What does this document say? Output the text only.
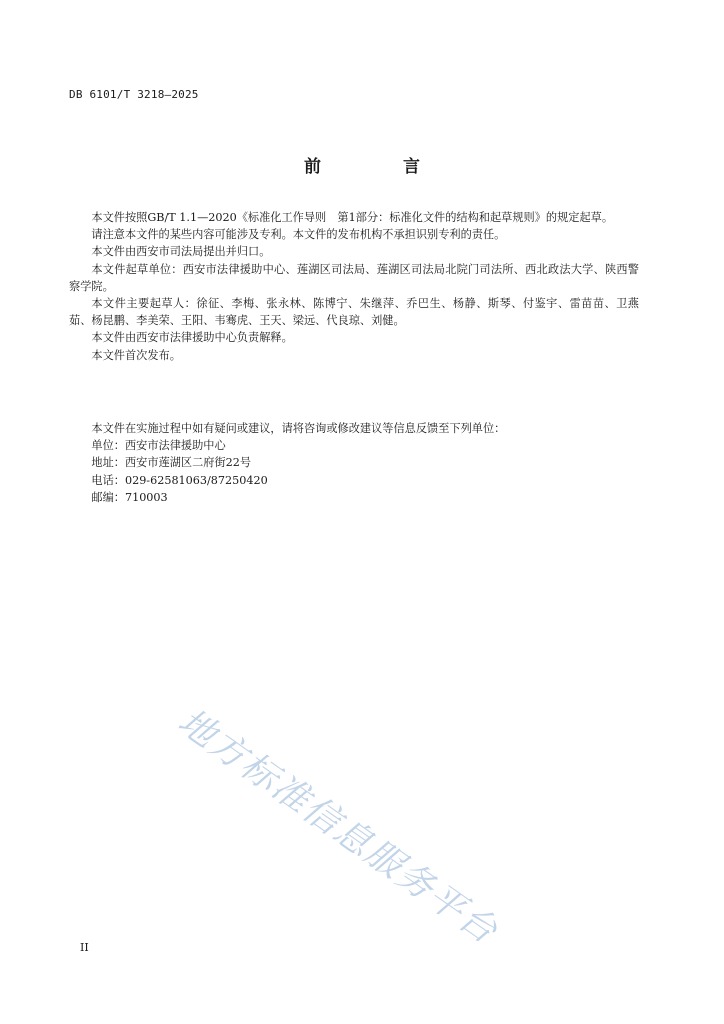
DB 6101/T 3218—2025
前 言

本文件按照GB/T 1.1—2020《标准化工作导则　第1部分：标准化文件的结构和起草规则》的规定起草。

请注意本文件的某些内容可能涉及专利。本文件的发布机构不承担识别专利的责任。

本文件由西安市司法局提出并归口。

本文件起草单位：西安市法律援助中心、莲湖区司法局、莲湖区司法局北院门司法所、西北政法大学、陕西警察学院。

本文件主要起草人：徐征、李梅、张永林、陈博宁、朱继萍、乔巴生、杨静、斯琴、付鉴宇、雷苗苗、卫燕茹、杨昆鹏、李美荣、王阳、韦骞虎、王天、梁远、代良琼、刘健。

本文件由西安市法律援助中心负责解释。

本文件首次发布。

本文件在实施过程中如有疑问或建议，请将咨询或修改建议等信息反馈至下列单位：

单位：西安市法律援助中心

地址：西安市莲湖区二府街22号

电话：029-62581063/87250420

邮编：710003

地方标准信息服务平台
II
